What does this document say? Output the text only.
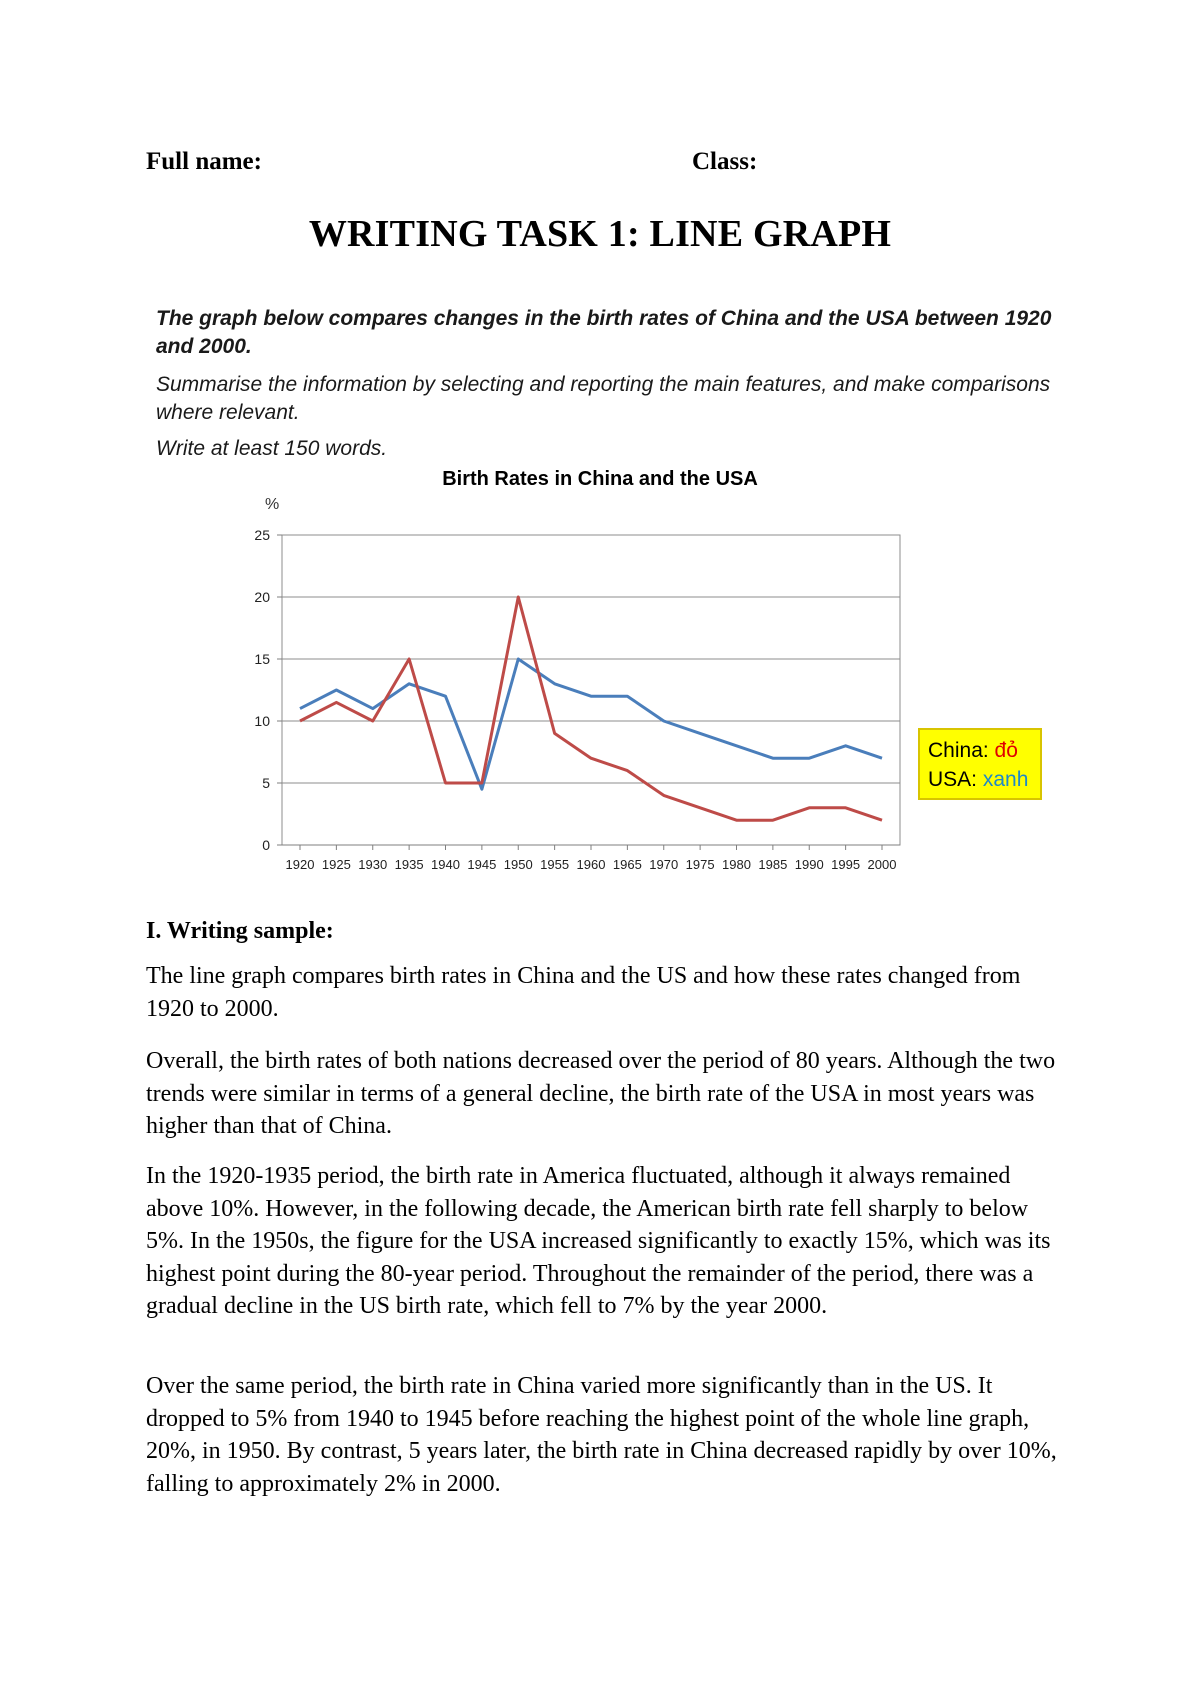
Full name:	Class:
WRITING TASK 1: LINE GRAPH
The graph below compares changes in the birth rates of China and the USA between 1920 and 2000.
Summarise the information by selecting and reporting the main features, and make comparisons where relevant.
Write at least 150 words.
Birth Rates in China and the USA
%
0
5
10
15
20
25
1920 1925 1930 1935 1940 1945 1950 1955 1960 1965 1970 1975 1980 1985 1990 1995 2000
China: đỏ
USA: xanh
I. Writing sample:

The line graph compares birth rates in China and the US and how these rates changed from 1920 to 2000.

Overall, the birth rates of both nations decreased over the period of 80 years. Although the two trends were similar in terms of a general decline, the birth rate of the USA in most years was higher than that of China.

In the 1920-1935 period, the birth rate in America fluctuated, although it always remained above 10%. However, in the following decade, the American birth rate fell sharply to below 5%. In the 1950s, the figure for the USA increased significantly to exactly 15%, which was its highest point during the 80-year period. Throughout the remainder of the period, there was a gradual decline in the US birth rate, which fell to 7% by the year 2000.

Over the same period, the birth rate in China varied more significantly than in the US. It dropped to 5% from 1940 to 1945 before reaching the highest point of the whole line graph, 20%, in 1950. By contrast, 5 years later, the birth rate in China decreased rapidly by over 10%, falling to approximately 2% in 2000.
